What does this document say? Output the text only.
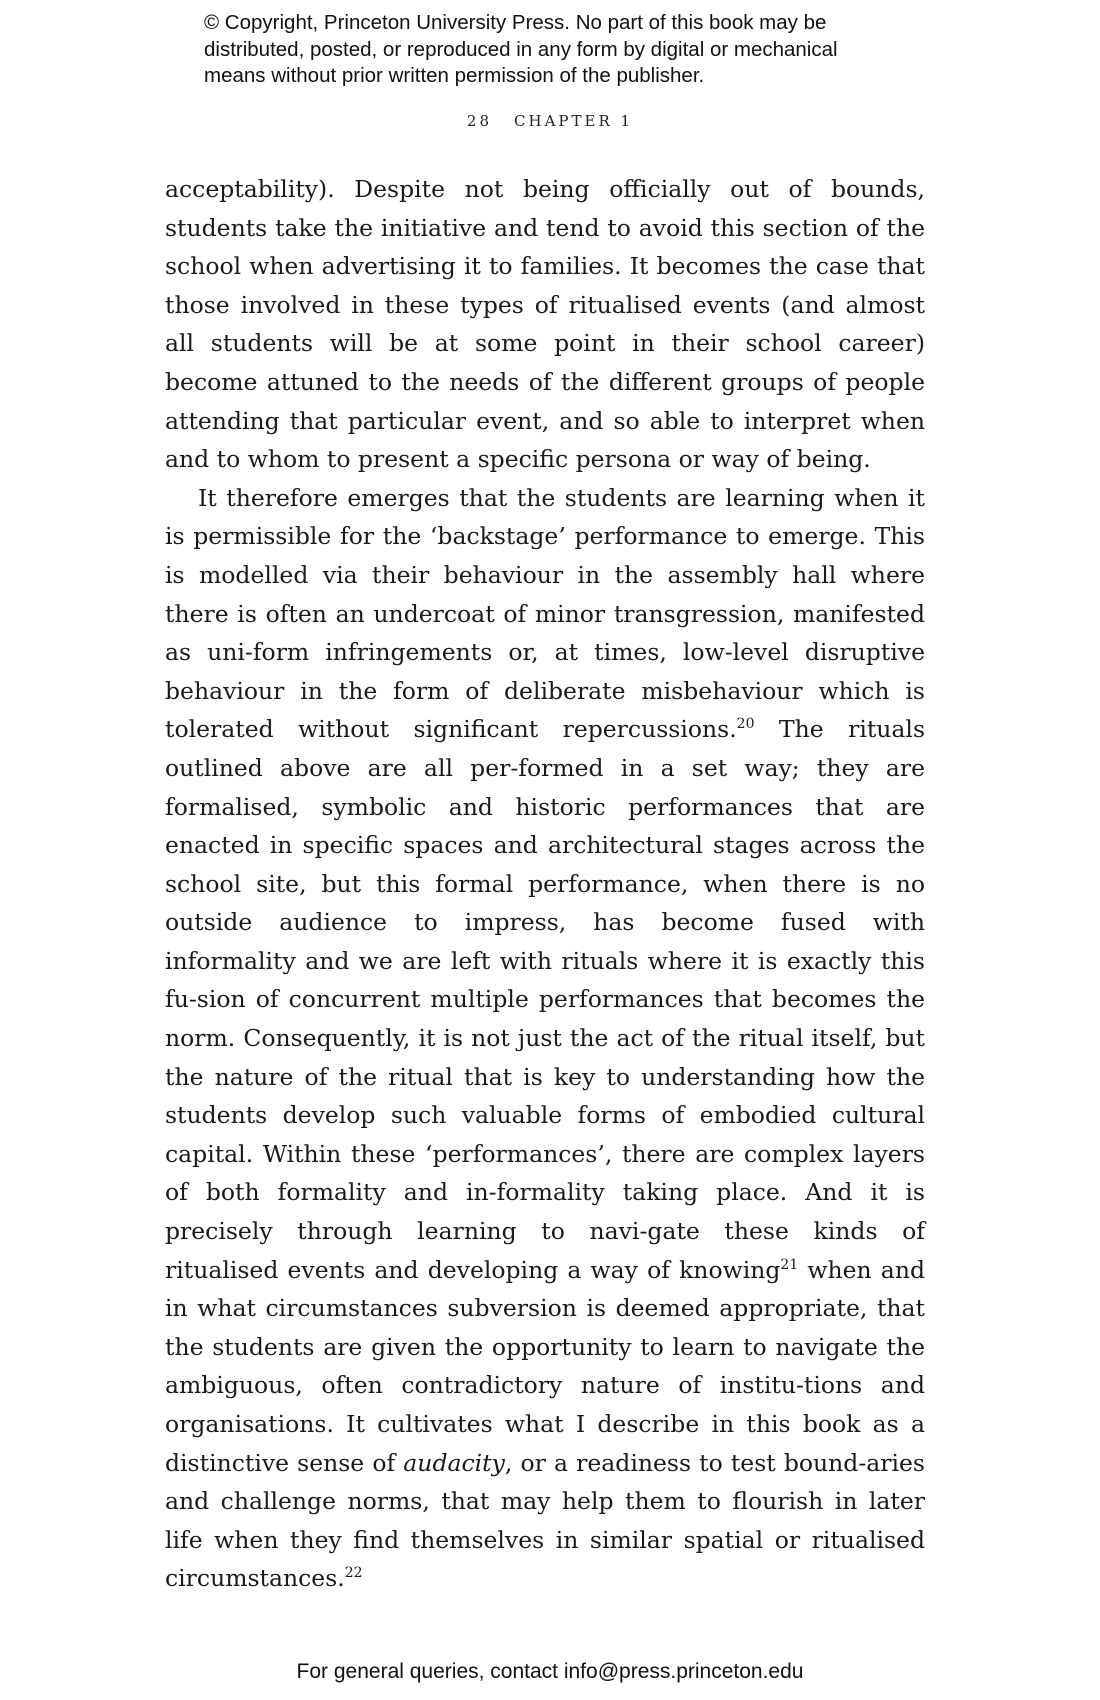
© Copyright, Princeton University Press. No part of this book may be
distributed, posted, or reproduced in any form by digital or mechanical
means without prior written permission of the publisher.
28 CHAPTER 1

acceptability). Despite not being officially out of bounds, students take the initiative and tend to avoid this section of the school when advertising it to families. It becomes the case that those involved in these types of ritualised events (and almost all students will be at some point in their school career) become attuned to the needs of the different groups of people attending that particular event, and so able to interpret when and to whom to present a specific persona or way of being.

It therefore emerges that the students are learning when it is permissible for the ‘backstage’ performance to emerge. This is modelled via their behaviour in the assembly hall where there is often an undercoat of minor transgression, manifested as uni-form infringements or, at times, low-level disruptive behaviour in the form of deliberate misbehaviour which is tolerated without significant repercussions.$^{20}$ The rituals outlined above are all per-formed in a set way; they are formalised, symbolic and historic performances that are enacted in specific spaces and architectural stages across the school site, but this formal performance, when there is no outside audience to impress, has become fused with informality and we are left with rituals where it is exactly this fu-sion of concurrent multiple performances that becomes the norm. Consequently, it is not just the act of the ritual itself, but the nature of the ritual that is key to understanding how the students develop such valuable forms of embodied cultural capital. Within these ‘performances’, there are complex layers of both formality and in-formality taking place. And it is precisely through learning to navi-gate these kinds of ritualised events and developing a way of knowing$^{21}$ when and in what circumstances subversion is deemed appropriate, that the students are given the opportunity to learn to navigate the ambiguous, often contradictory nature of institu-tions and organisations. It cultivates what I describe in this book as a distinctive sense of audacity, or a readiness to test bound-aries and challenge norms, that may help them to flourish in later life when they find themselves in similar spatial or ritualised circumstances.$^{22}$

For general queries, contact info@press.princeton.edu
